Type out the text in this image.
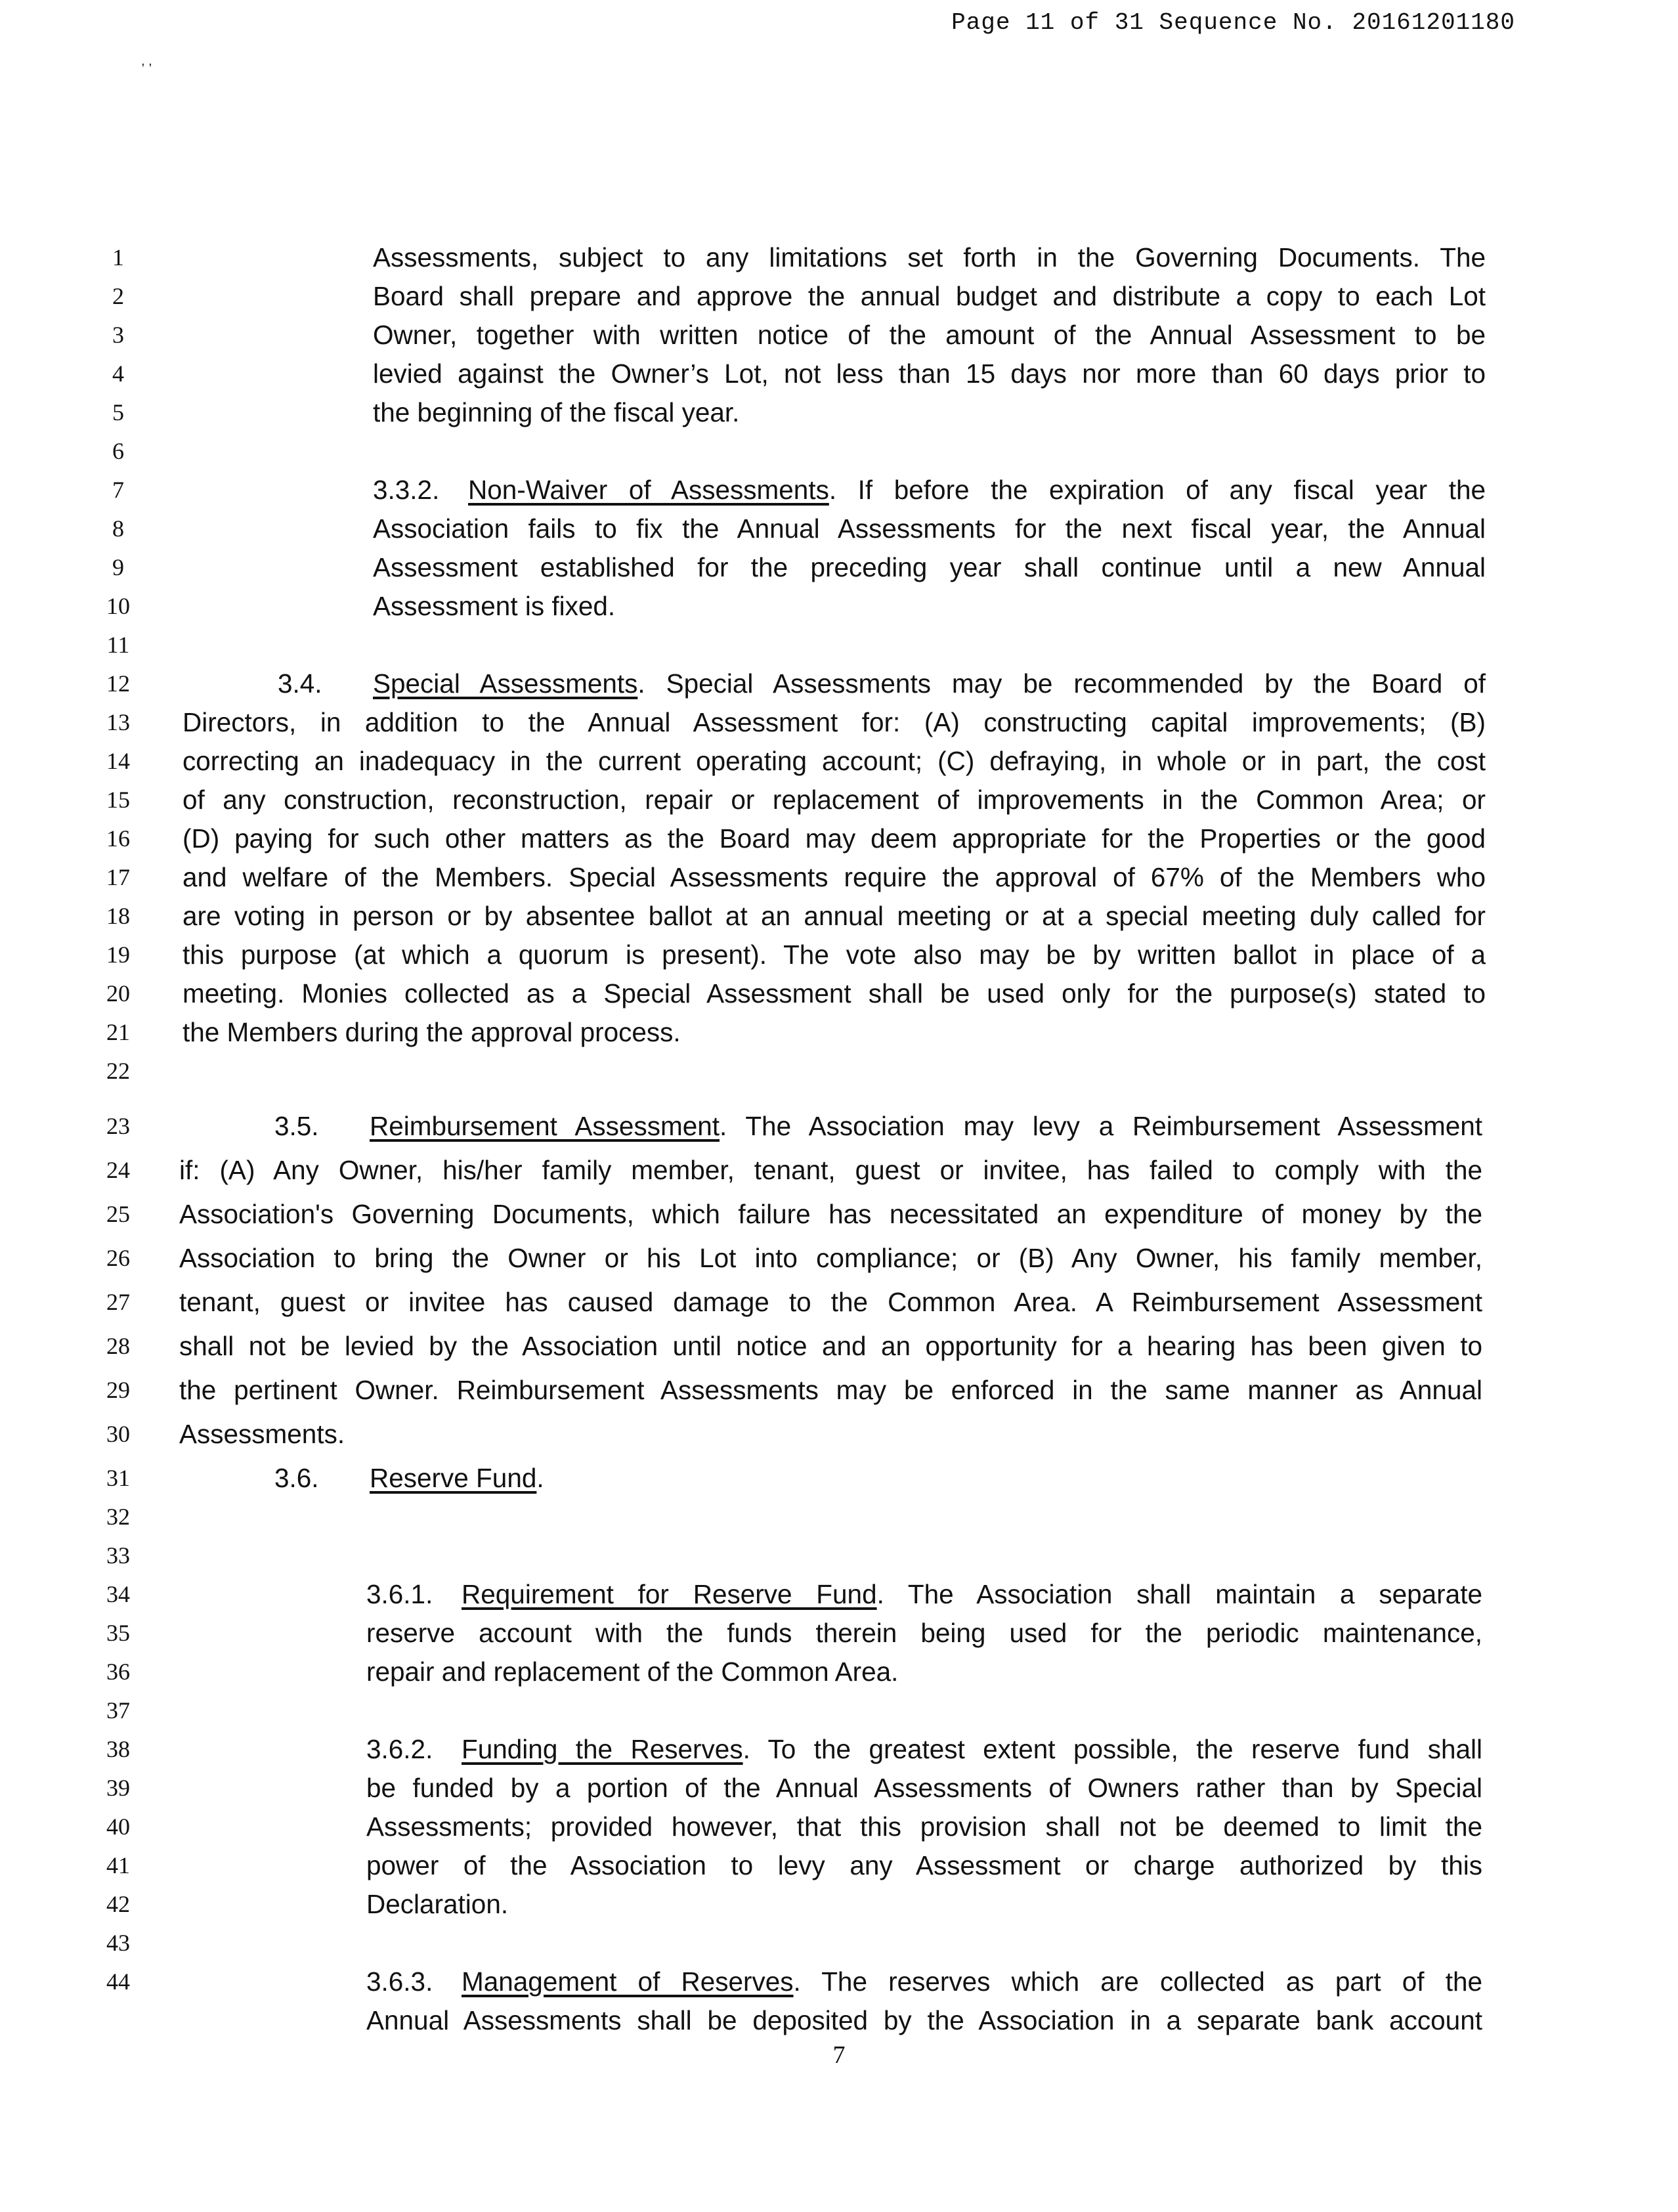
Page 11 of 31 Sequence No. 20161201180
, ,
1
2
3
4
5
6
7
8
9
10
11
12
13
14
15
16
17
18
19
20
21
22
23
24
25
26
27
28
29
30
31
32
33
34
35
36
37
38
39
40
41
42
43
44
Assessments, subject to any limitations set forth in the Governing Documents. The
Board shall prepare and approve the annual budget and distribute a copy to each Lot
Owner, together with written notice of the amount of the Annual Assessment to be
levied against the Owner’s Lot, not less than 15 days nor more than 60 days prior to
the beginning of the fiscal year.
3.3.2. Non-Waiver of Assessments. If before the expiration of any fiscal year the
Association fails to fix the Annual Assessments for the next fiscal year, the Annual
Assessment established for the preceding year shall continue until a new Annual
Assessment is fixed.
3.4. Special Assessments. Special Assessments may be recommended by the Board of
Directors, in addition to the Annual Assessment for: (A) constructing capital improvements; (B)
correcting an inadequacy in the current operating account; (C) defraying, in whole or in part, the cost
of any construction, reconstruction, repair or replacement of improvements in the Common Area; or
(D) paying for such other matters as the Board may deem appropriate for the Properties or the good
and welfare of the Members. Special Assessments require the approval of 67% of the Members who
are voting in person or by absentee ballot at an annual meeting or at a special meeting duly called for
this purpose (at which a quorum is present). The vote also may be by written ballot in place of a
meeting. Monies collected as a Special Assessment shall be used only for the purpose(s) stated to
the Members during the approval process.
3.5. Reimbursement Assessment. The Association may levy a Reimbursement Assessment
if: (A) Any Owner, his/her family member, tenant, guest or invitee, has failed to comply with the
Association's Governing Documents, which failure has necessitated an expenditure of money by the
Association to bring the Owner or his Lot into compliance; or (B) Any Owner, his family member,
tenant, guest or invitee has caused damage to the Common Area. A Reimbursement Assessment
shall not be levied by the Association until notice and an opportunity for a hearing has been given to
the pertinent Owner. Reimbursement Assessments may be enforced in the same manner as Annual
Assessments.
3.6. Reserve Fund.
3.6.1. Requirement for Reserve Fund. The Association shall maintain a separate
reserve account with the funds therein being used for the periodic maintenance,
repair and replacement of the Common Area.
3.6.2. Funding the Reserves. To the greatest extent possible, the reserve fund shall
be funded by a portion of the Annual Assessments of Owners rather than by Special
Assessments; provided however, that this provision shall not be deemed to limit the
power of the Association to levy any Assessment or charge authorized by this
Declaration.
3.6.3. Management of Reserves. The reserves which are collected as part of the
Annual Assessments shall be deposited by the Association in a separate bank account
7
